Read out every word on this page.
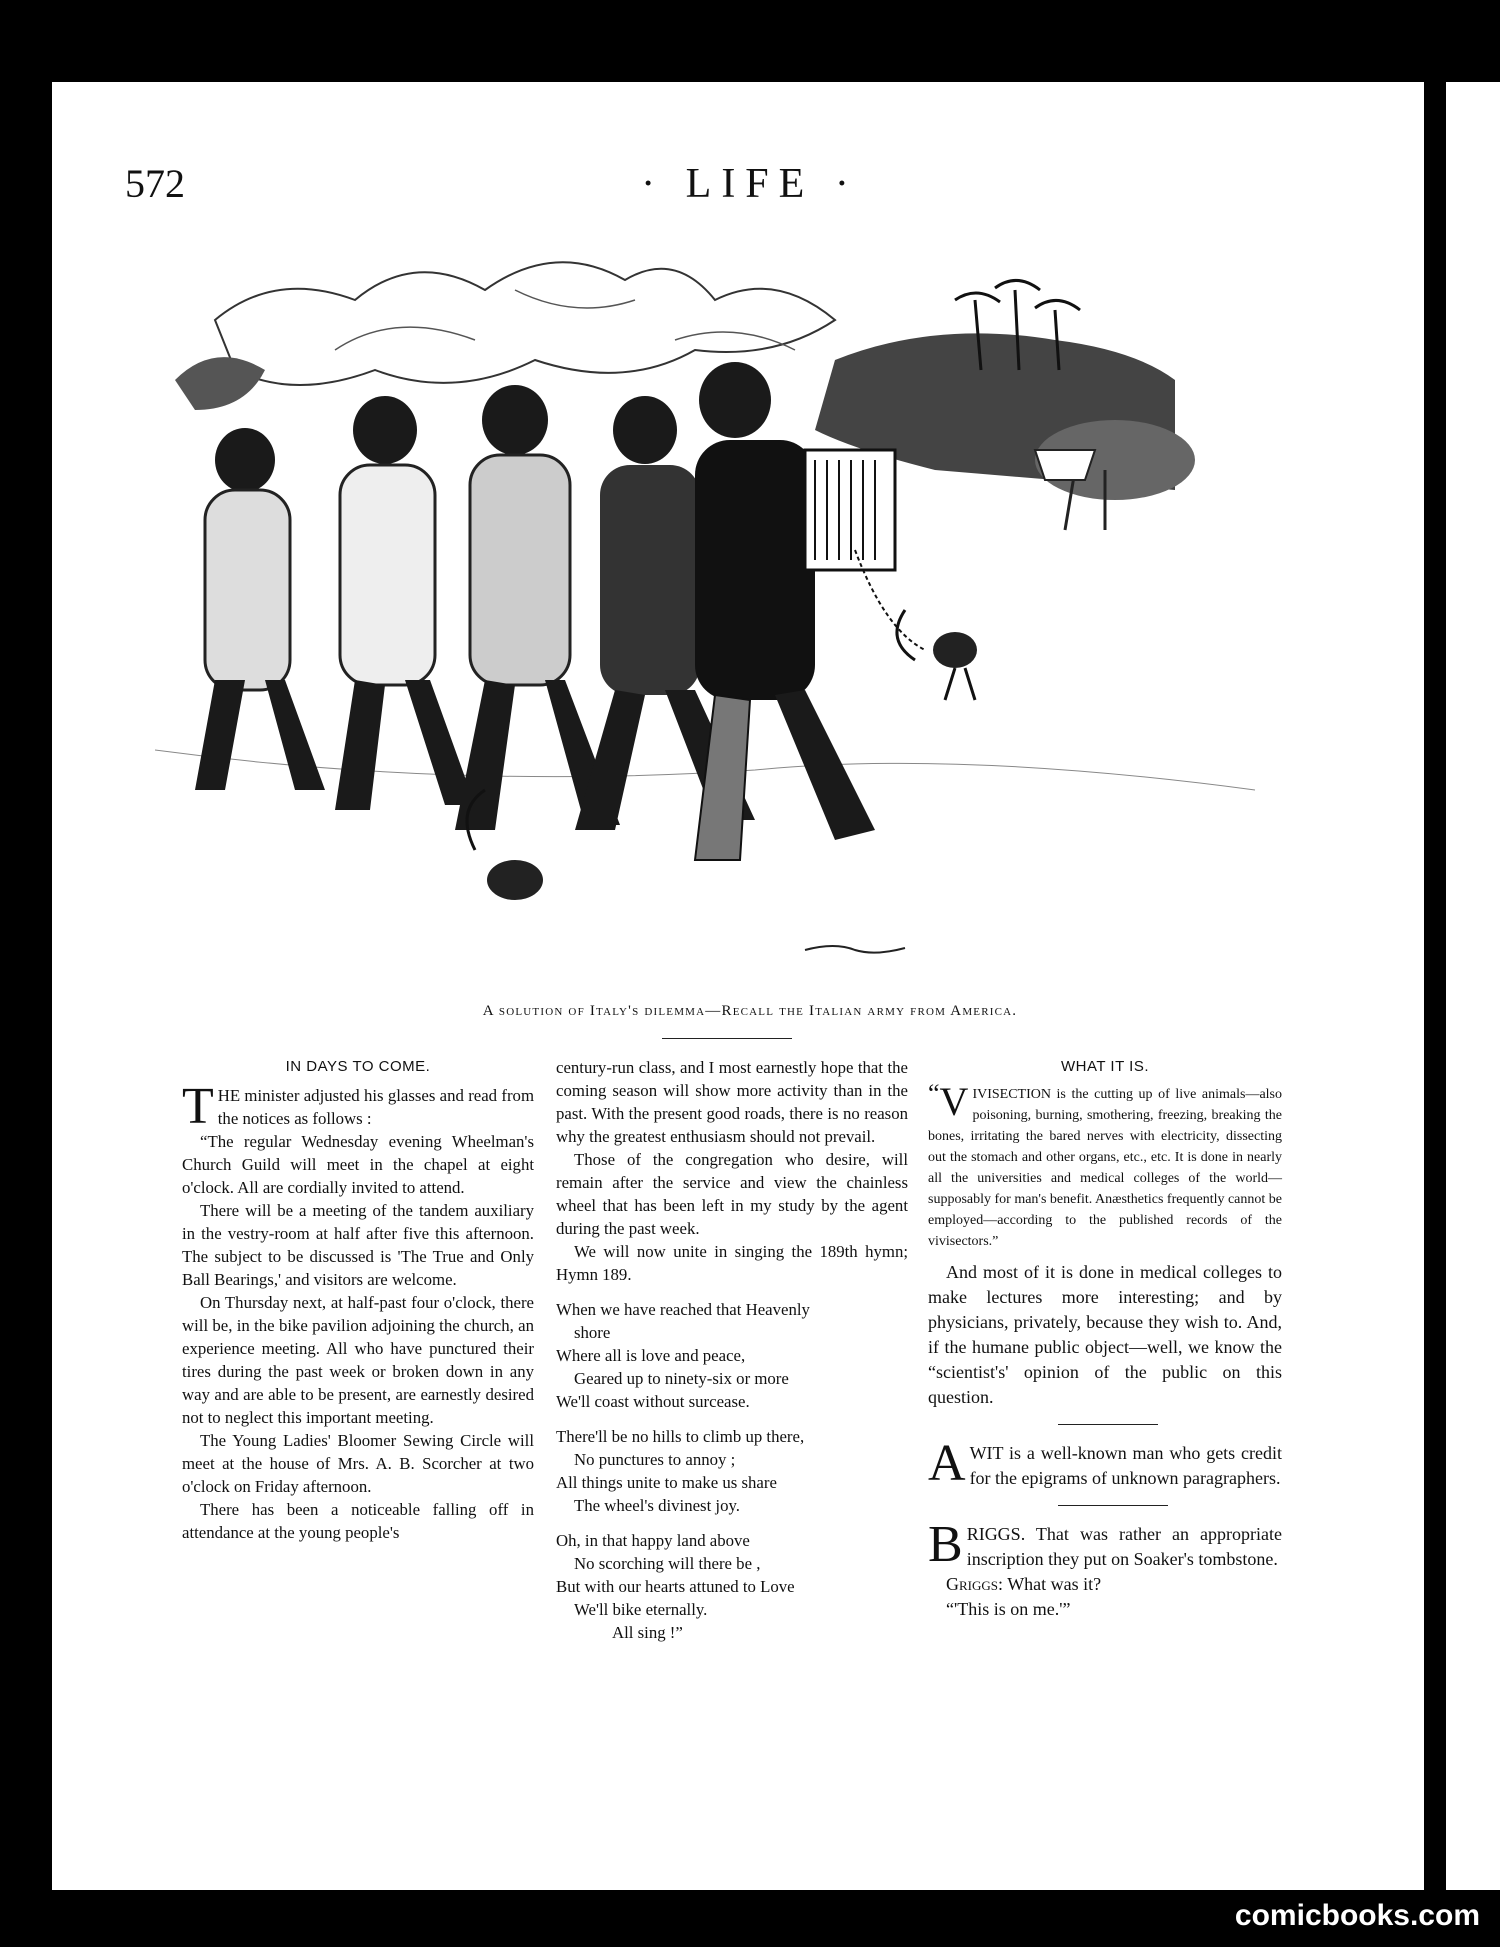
572	· LIFE ·
A solution of Italy's dilemma—Recall the Italian army from America.
IN DAYS TO COME.

THE minister adjusted his glasses and read from the notices as follows :

“The regular Wednesday evening Wheelman's Church Guild will meet in the chapel at eight o'clock. All are cordially invited to attend.

There will be a meeting of the tandem auxiliary in the vestry-room at half after five this afternoon. The subject to be discussed is 'The True and Only Ball Bearings,' and visitors are welcome.

On Thursday next, at half-past four o'clock, there will be, in the bike pavilion adjoining the church, an experience meeting. All who have punctured their tires during the past week or broken down in any way and are able to be present, are earnestly desired not to neglect this important meeting.

The Young Ladies' Bloomer Sewing Circle will meet at the house of Mrs. A. B. Scorcher at two o'clock on Friday afternoon.

There has been a noticeable falling off in attendance at the young people's

century-run class, and I most earnestly hope that the coming season will show more activity than in the past. With the present good roads, there is no reason why the greatest enthusiasm should not prevail.

Those of the congregation who desire, will remain after the service and view the chainless wheel that has been left in my study by the agent during the past week.

We will now unite in singing the 189th hymn; Hymn 189.

When we have reached that Heavenly
shore
Where all is love and peace,
Geared up to ninety-six or more
We'll coast without surcease.
There'll be no hills to climb up there,
No punctures to annoy ;
All things unite to make us share
The wheel's divinest joy.
Oh, in that happy land above
No scorching will there be ,
But with our hearts attuned to Love
We'll bike eternally.
All sing !”
WHAT IT IS.

“ V IVISECTION is the cutting up of live animals—also poisoning, burning, smothering, freezing, breaking the bones, irritating the bared nerves with electricity, dissecting out the stomach and other organs, etc., etc. It is done in nearly all the universities and medical colleges of the world—supposably for man's benefit. Anæsthetics frequently cannot be employed—according to the published records of the vivisectors.”

And most of it is done in medical colleges to make lectures more interesting; and by physicians, privately, because they wish to. And, if the humane public object—well, we know the “scientist's' opinion of the public on this question.

AWIT is a well-known man who gets credit for the epigrams of unknown paragraphers.

BRIGGS. That was rather an appropriate inscription they put on Soaker's tombstone.

Griggs: What was it?

“'This is on me.'”

comicbooks.com
